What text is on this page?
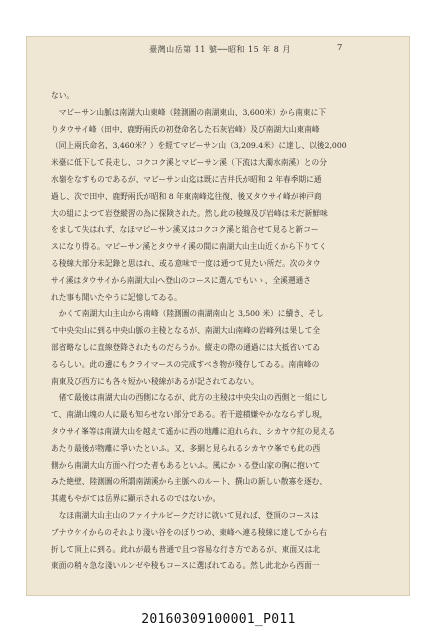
臺灣山岳第 11 號──昭和 15 年 8 月	7
ない。
　マビーサン山脈は南湖大山東峰（陸測圖の南湖東山、3,600米）から南東に下
りタウサイ峰（田中、鹿野兩氏の初登命名した石灰岩峰）及び南湖大山東南峰
（同上兩氏命名、3,460米？）を經てマビーサン山（3,209.4米）に達し、以後2,000
米臺に低下して長走し、コクコク溪とマビーサン溪（下流は大濁水南溪）との分
水嶺をなすものであるが、マビーサン山迄は既に吉井氏が昭和 2 年春季期に通
過し、次で田中、鹿野兩氏が昭和 8 年東南峰迄往復、後又タウサイ峰が神戸商
大の組によつて岩登縱習の為に探険された。然し此の稜線及び岩峰は未だ新鮮味
をまして失はれず、なほマビーサン溪又はコクコク溪と組合せて見ると新コー
スになり得る。マビーサン溪とタウサイ溪の間に南湖大山主山近くから下りてく
る稜線大部分未記錄と思はれ、或る意味で一度は通つて見たい所だ。次のタウ
サイ溪はタウサイから南湖大山へ登山のコースに選んでもいゝ、全溪遡通さ
れた事も聞いたやうに記憶してゐる。
　かくて南湖大山主山から南峰（陸測圖の南湖南山と 3,500 米）に續き、そし
て中央尖山に到る中央山脈の主稜となるが、南湖大山南峰の岩峰列は果して全
部省略なしに直線登降されたものだらうか。縱走の際の通過には大抵省いてゐ
るらしい。此の邊にもクライマースの完成すべき物が殘存してゐる。南南峰の
南東及び西方にも各々短かい稜線があるが記されてゐない。
　偖て最後は南湖大山の西側になるが、此方の主稜は中央尖山の西側と一組にし
て、南湖山塊の人に最も知らせない部分である。若干遊積嫌やかなならずし現，
タウサイ峯等は南湖大山を越えて遙かに西の地離に迫れられ、シカヤウ紅の見える
あたり最後が物離に爭いたといふ。又、多網と見られるシカヤウ峯でも此の西
側から南湖大山方面へ行つた者もあるといふ。風にかゝる登山家の胸に抱いて
みた絶壁、陸測圖の所謂南湖溪から主脈へのルート、撰山の新しい散寡を逐む、
其處もやがては岳界に顯示されるのではないか。
　なほ南湖大山主山のファイナルピークだけに就いて見れば、登頂のコースは
ブナウケイからのそれより淺い谷をのぼりつめ、東峰へ連る稜線に達してから右
折して頂上に到る。此れが最も普通で且つ容易な行き方であるが、東面又は北
東面の稍々急な淺いルンゼや稜もコースに選ばれてゐる。然し此北から西面一
20160309100001_P011
